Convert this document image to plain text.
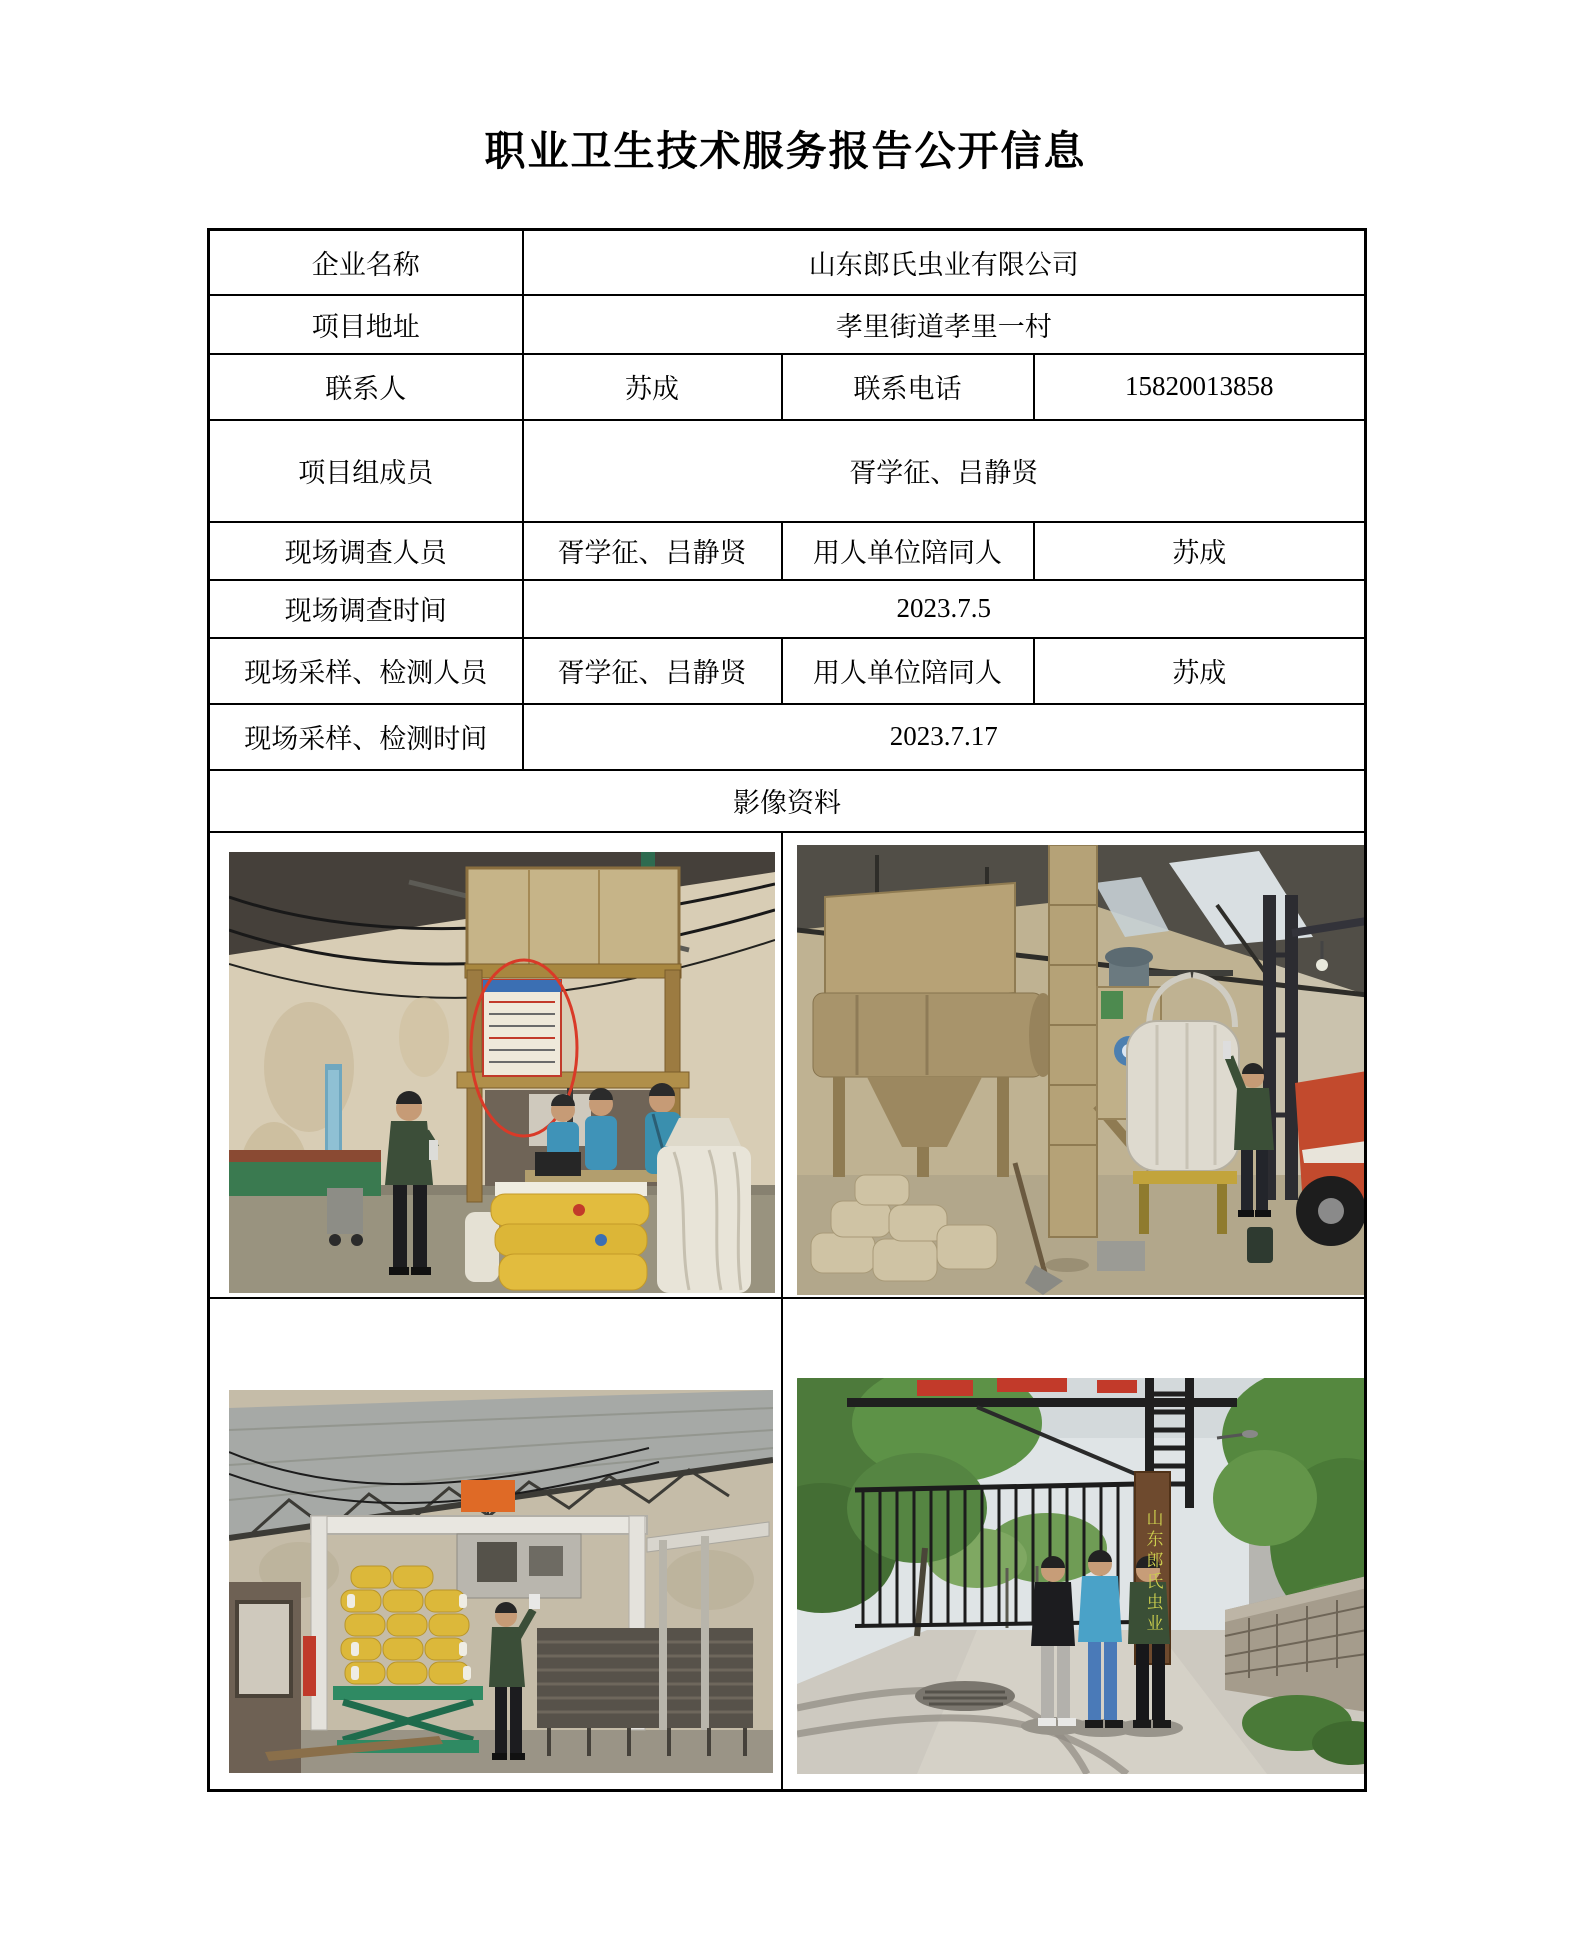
职业卫生技术服务报告公开信息
企业名称	山东郎氏虫业有限公司		
项目地址	孝里街道孝里一村		
联系人	苏成	联系电话	15820013858
项目组成员	胥学征、吕静贤		
现场调查人员	胥学征、吕静贤	用人单位陪同人	苏成
现场调查时间	2023.7.5		
现场采样、检测人员	胥学征、吕静贤	用人单位陪同人	苏成
现场采样、检测时间	2023.7.17		
影像资料			

山东郎氏虫业	
